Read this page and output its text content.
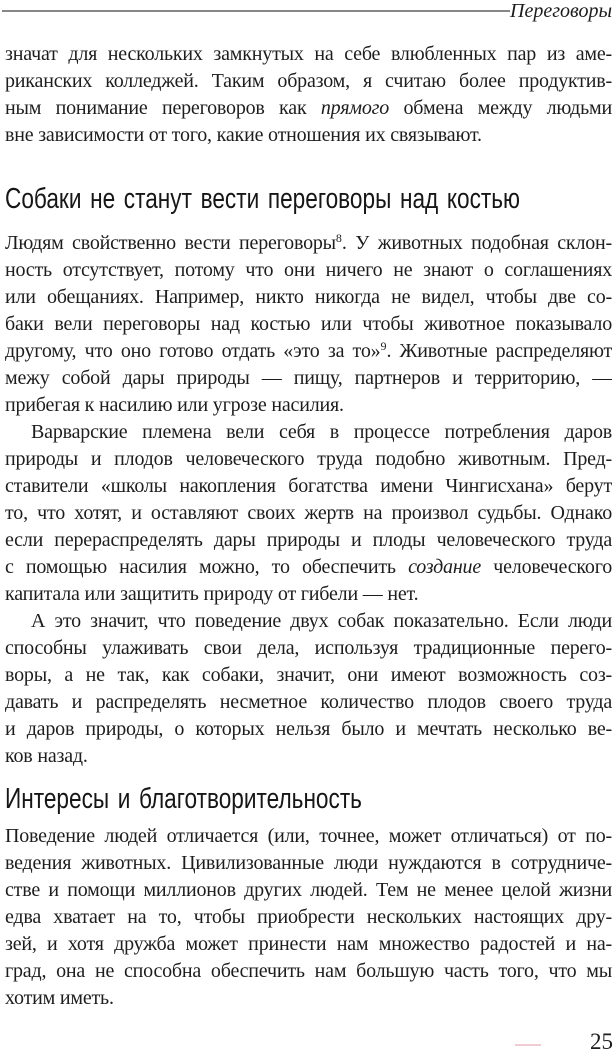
Переговоры
значат для нескольких замкнутых на себе влюбленных пар из аме-
риканских колледжей. Таким образом, я считаю более продуктив-
ным понимание переговоров как прямого обмена между людьми
вне зависимости от того, какие отношения их связывают.
Собаки не станут вести переговоры над костью
Людям свойственно вести переговоры$^8$. У животных подобная склон-
ность отсутствует, потому что они ничего не знают о соглашениях
или обещаниях. Например, никто никогда не видел, чтобы две со-
баки вели переговоры над костью или чтобы животное показывало
другому, что оно готово отдать «это за то»$^9$. Животные распределяют
межу собой дары природы — пищу, партнеров и территорию, —
прибегая к насилию или угрозе насилия.
Варварские племена вели себя в процессе потребления даров
природы и плодов человеческого труда подобно животным. Пред-
ставители «школы накопления богатства имени Чингисхана» берут
то, что хотят, и оставляют своих жертв на произвол судьбы. Однако
если перераспределять дары природы и плоды человеческого труда
с помощью насилия можно, то обеспечить создание человеческого
капитала или защитить природу от гибели — нет.
А это значит, что поведение двух собак показательно. Если люди
способны улаживать свои дела, используя традиционные перего-
воры, а не так, как собаки, значит, они имеют возможность соз-
давать и распределять несметное количество плодов своего труда
и даров природы, о которых нельзя было и мечтать несколько ве-
ков назад.
Интересы и благотворительность
Поведение людей отличается (или, точнее, может отличаться) от по-
ведения животных. Цивилизованные люди нуждаются в сотрудниче-
стве и помощи миллионов других людей. Тем не менее целой жизни
едва хватает на то, чтобы приобрести нескольких настоящих дру-
зей, и хотя дружба может принести нам множество радостей и на-
град, она не способна обеспечить нам большую часть того, что мы
хотим иметь.
25
